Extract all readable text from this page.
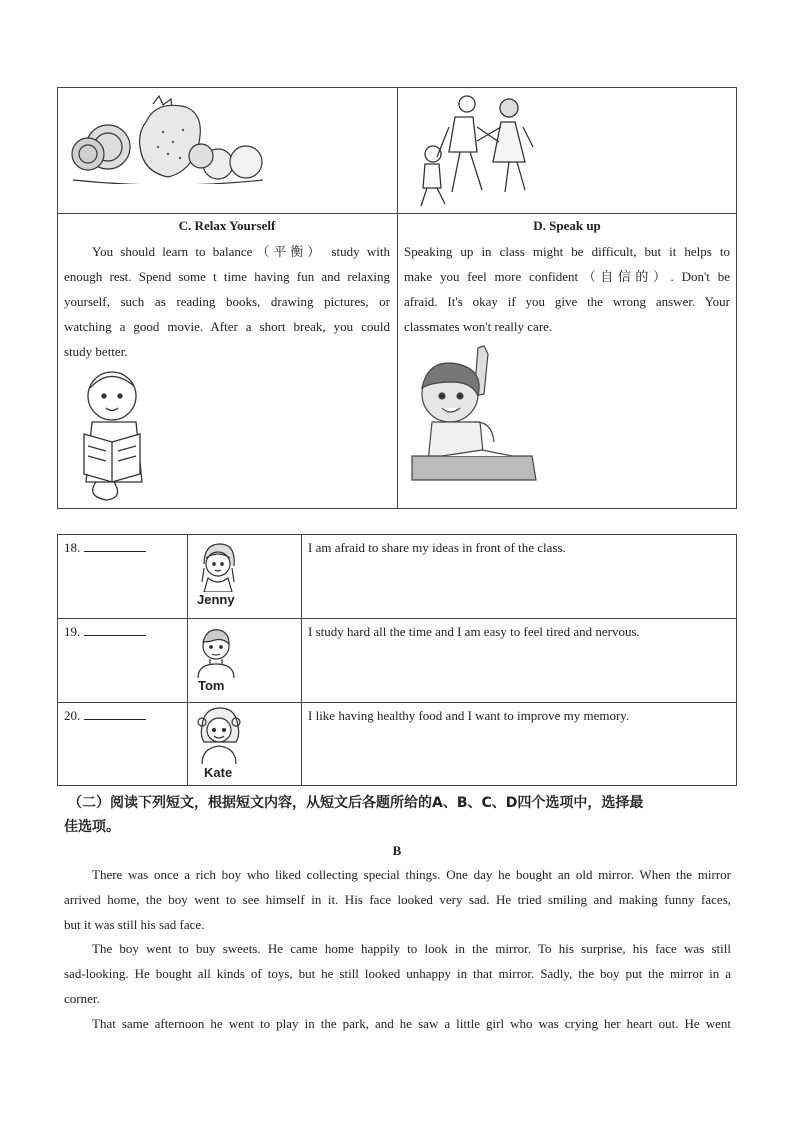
C. Relax Yourself
You should learn to balance（平衡） study with
enough rest. Spend some t time having fun and relaxing
yourself, such as reading books, drawing pictures, or
watching a good movie. After a short break, you could
study better.
D. Speak up
Speaking up in class might be difficult, but it helps to
make you feel more confident（自信的）. Don't be
afraid. It's okay if you give the wrong answer. Your
classmates won't really care.
18.
Jenny
I am afraid to share my ideas in front of the class.
19.
Tom
I study hard all the time and I am easy to feel tired and nervous.
20.
Kate
I like having healthy food and I want to improve my memory.
（二）阅读下列短文，根据短文内容，从短文后各题所给的A、B、C、D四个选项中，选择最
佳选项。
B
There was once a rich boy who liked collecting special things. One day he bought an old mirror. When the mirror
arrived home, the boy went to see himself in it. His face looked very sad. He tried smiling and making funny faces,
but it was still his sad face.
The boy went to buy sweets. He came home happily to look in the mirror. To his surprise, his face was still
sad-looking. He bought all kinds of toys, but he still looked unhappy in that mirror. Sadly, the boy put the mirror in a
corner.
That same afternoon he went to play in the park, and he saw a little girl who was crying her heart out. He went
